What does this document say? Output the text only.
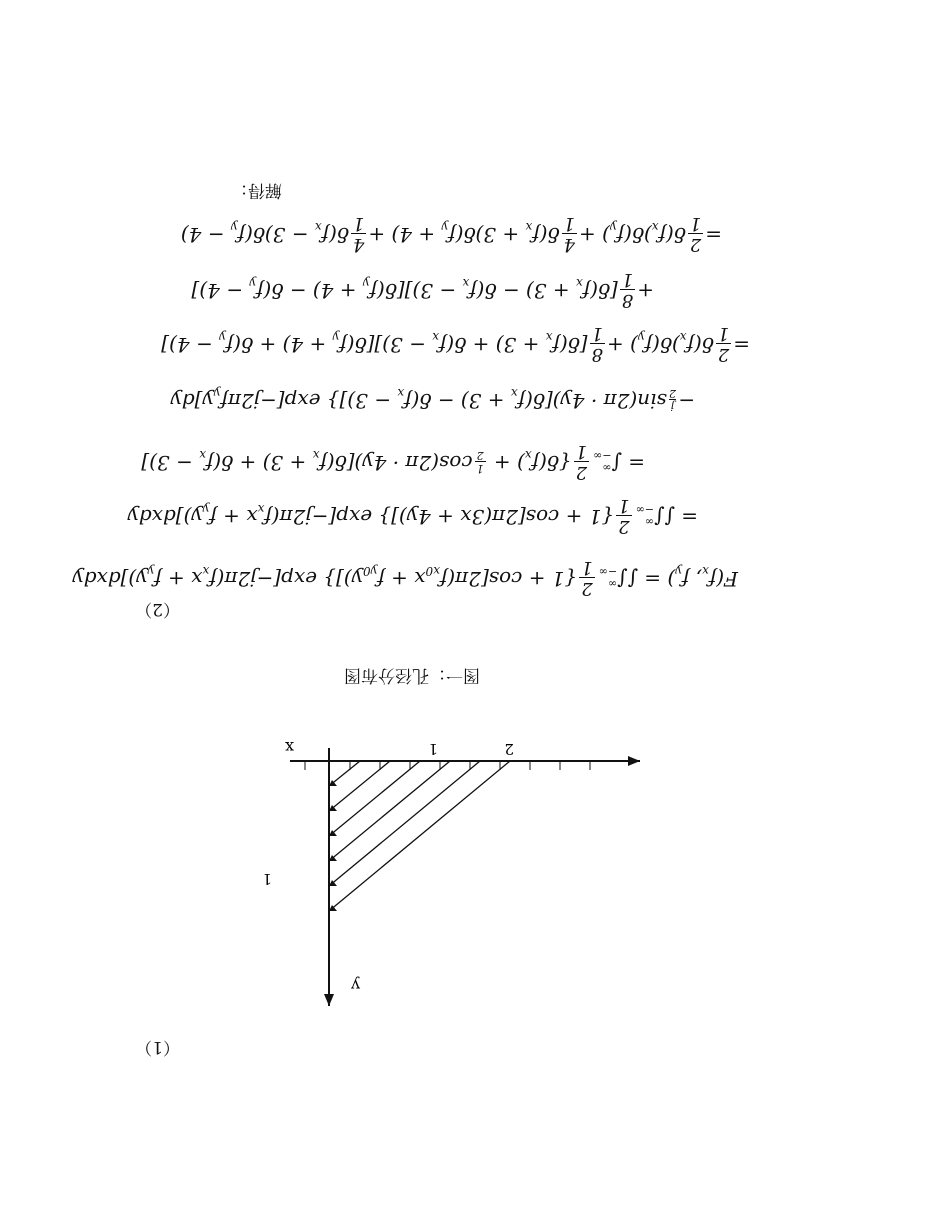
（1）
y
x
1
1	2
图一：孔径分布图
（2）
$F(f_x$, $f_y$) = ∫∫
∞
−∞
2
1
$\{1 + \cos[2\pi(f_{x0}x + f_{y0}y)]\}$ $\exp[-j2\pi(f_xx$ + $f_yy)]dxdy$
= ∫∫
∞
−∞
2
1
{1 + cos[2π(3x + 4y)]} $\exp[-j2\pi(f_xx$ + $f_yy)]dxdy$
= ∫
∞
−∞
2
1
{$\delta(f_x)$ +
1
2
$\cos(2\pi \cdot 4y)[\delta(f_x + 3) + \delta(f_x - 3)]$
−
j
2
$\sin(2\pi \cdot 4y)[\delta(f_x + 3) - \delta(f_x - 3)]$} $\exp[-j2\pi f_yy]dy$
=
2
1
$\delta(f_x)\delta(f_y)$ +
8
1
$[\delta(f_x + 3) + \delta(f_x - 3)][\delta(f_y + 4) + \delta(f_y - 4)]$
+
8
1
$[\delta(f_x + 3) - \delta(f_x - 3)][\delta(f_y + 4) - \delta(f_y - 4)]$
=
2
1
$\delta(f_x)\delta(f_y)$ +
4
1
$\delta(f_x + 3)\delta(f_y + 4)$ +
4
1
$\delta(f_x - 3)\delta(f_y - 4)$
解得：
